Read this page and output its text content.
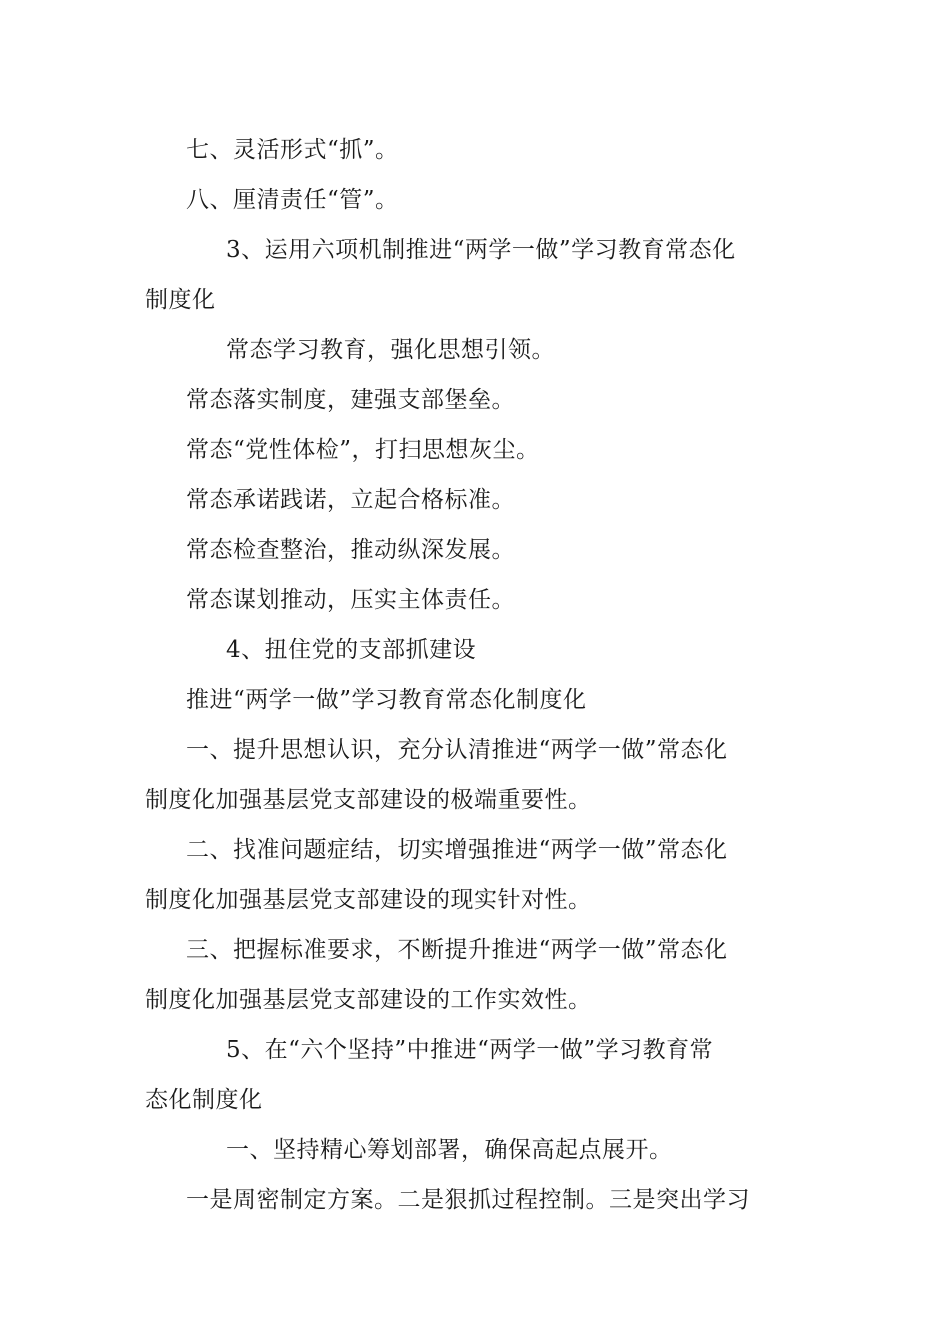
七、灵活形式“抓”。
八、厘清责任“管”。
3、运用六项机制推进“两学一做”学习教育常态化
制度化
常态学习教育，强化思想引领。
常态落实制度，建强支部堡垒。
常态“党性体检”，打扫思想灰尘。
常态承诺践诺，立起合格标准。
常态检查整治，推动纵深发展。
常态谋划推动，压实主体责任。
4、扭住党的支部抓建设
推进“两学一做”学习教育常态化制度化
一、提升思想认识，充分认清推进“两学一做”常态化
制度化加强基层党支部建设的极端重要性。
二、找准问题症结，切实增强推进“两学一做”常态化
制度化加强基层党支部建设的现实针对性。
三、把握标准要求，不断提升推进“两学一做”常态化
制度化加强基层党支部建设的工作实效性。
5、在“六个坚持”中推进“两学一做”学习教育常
态化制度化
一、坚持精心筹划部署，确保高起点展开。
一是周密制定方案。二是狠抓过程控制。三是突出学习
